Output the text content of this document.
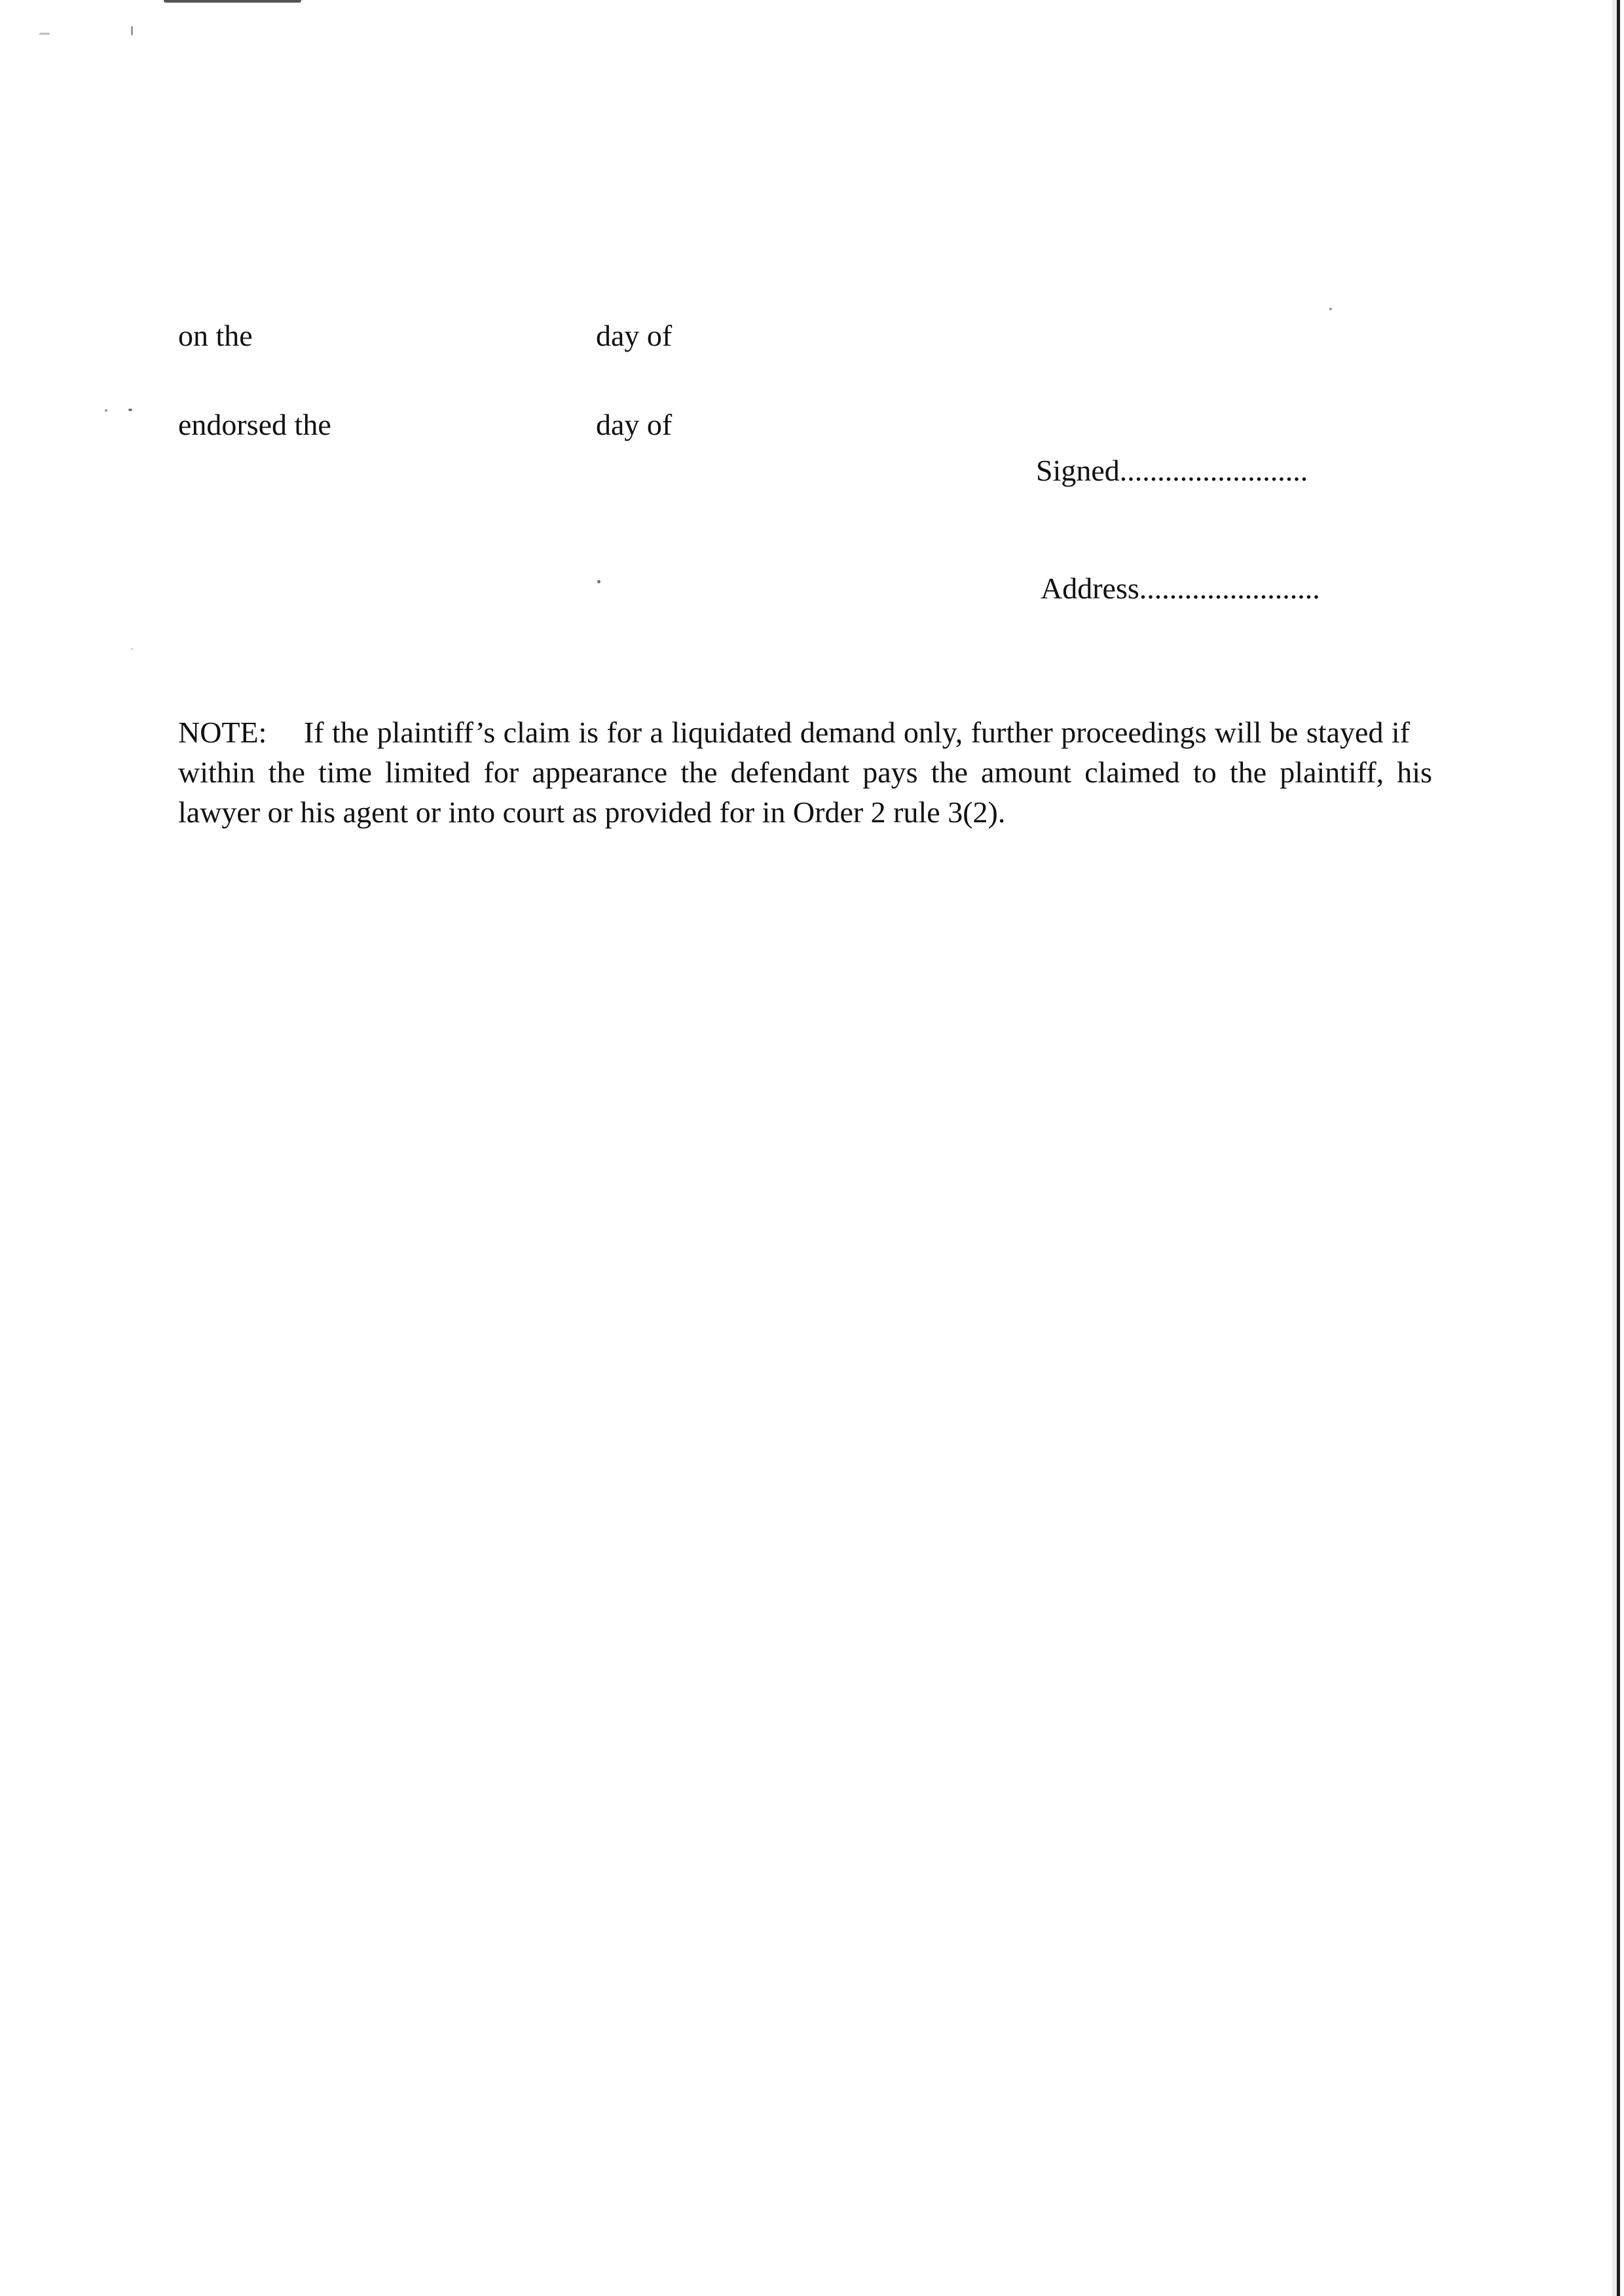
on the	day of
endorsed the	day of
Signed.........................
Address........................
NOTE: If the plaintiff’s claim is for a liquidated demand only, further proceedings will be stayed if within the time limited for appearance the defendant pays the amount claimed to the plaintiff, his lawyer or his agent or into court as provided for in Order 2 rule 3(2).
